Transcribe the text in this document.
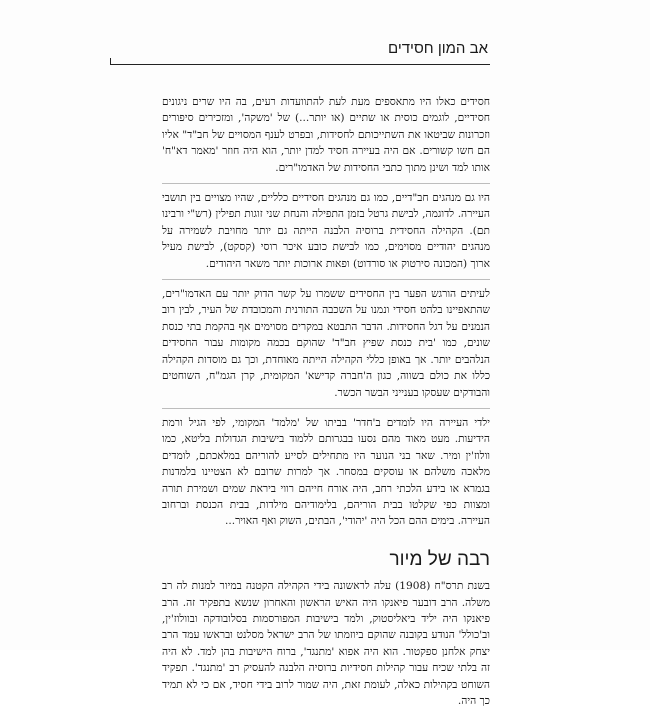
אב המון חסידים

חסידים כאלו היו מתאספים מעת לעת להתוועדות רעים, בה היו שרים ניגונים חסידיים, לוגמים כוסית או שתיים (או יותר...) של 'משקה', ומזכירים סיפורים וזכרונות שביטאו את השתייכותם לחסידות, ובפרט לענף המסויים של חב"ד" אליו הם חשו קשורים. אם היה בעיירה חסיד למדן יותר, הוא היה חוזר 'מאמר דא"ח' אותו למד ושינן מתוך כתבי החסידות של האדמו"רים.

היו גם מנהגים חב"דיים, כמו גם מנהגים חסידיים כלליים, שהיו מצויים בין תושבי העיירה. לדוגמה, לבישת גרטל בזמן התפילה והנחת שני זוגות תפילין (רש"י ורבינו תם). הקהילה החסידית ברוסיה הלבנה הייתה גם יותר מחויבת לשמירה על מנהגים יהודיים מסוימים, כמו לבישת כובע איכר רוסי (קסקט), לבישת מעיל ארוך (המכונה סירטוק או סורדוט) ופאות ארוכות יותר משאר היהודים.

לעיתים הורגש הפער בין החסידים ששמרו על קשר הדוק יותר עם האדמו"רים, שהתאפיינו בלהט חסידי ונמנו על השכבה התורנית והמכובדת של העיר, לבין רוב הנמנים על דגל החסידות. הדבר התבטא במקרים מסוימים אף בהקמת בתי כנסת שונים, כמו 'בית כנסת שפיץ חב"ד' שהוקם בכמה מקומות עבור החסידים הנלהבים יותר. אך באופן כללי הקהילה הייתה מאוחדת, וכך גם מוסדות הקהילה כללו את כולם בשווה, כגון ה'חברה קדישא' המקומית, קרן הגמ"ח, השוחטים והבודקים שעסקו בענייני הבשר הכשר.

ילדי העיירה היו לומדים ב'חדר' בביתו של 'מלמד' המקומי, לפי הגיל ורמת הידיעות. מעט מאוד מהם נסעו בבגרותם ללמוד בישיבות הגדולות בליטא, כמו וולוז'ין ומיר. שאר בני הנוער היו מתחילים לסייע להוריהם במלאכתם, לומדים מלאכה משלהם או עוסקים במסחר. אך למרות שרובם לא הצטיינו בלמדנות בגמרא או בידע הלכתי רחב, היה אורח חייהם רווי ביראת שמים ושמירת תורה ומצוות כפי שקלטו בבית הוריהם, בלימודיהם מילדות, בבית הכנסת וברחוב העיירה. בימים ההם הכל היה 'יהודי', הבתים, השוק ואף האויר...

רבה של מיור

בשנת תרס"ח (1908) עלה לראשונה בידי הקהילה הקטנה במיור למנות לה רב משלה. הרב דובער פיאנקו היה האיש הראשון והאחרון שנשא בתפקיד זה. הרב פיאנקו היה יליד ביאליסטוק, ולמד בישיבות המפורסמות בסלובודקה ובוולוז'ין, וב'כולל' הנודע בקובנה שהוקם ביוזמתו של הרב ישראל מסלנט ובראשו עמד הרב יצחק אלחנן ספקטור. הוא היה אפוא 'מתנגד', ברוח הישיבות בהן למד. לא היה זה בלתי שכיח עבור קהילות חסידיות ברוסיה הלבנה להעסיק רב 'מתנגד'. תפקיד השוחט בקהילות כאלה, לעומת זאת, היה שמור לרוב בידי חסיד, אם כי לא תמיד כך היה.
